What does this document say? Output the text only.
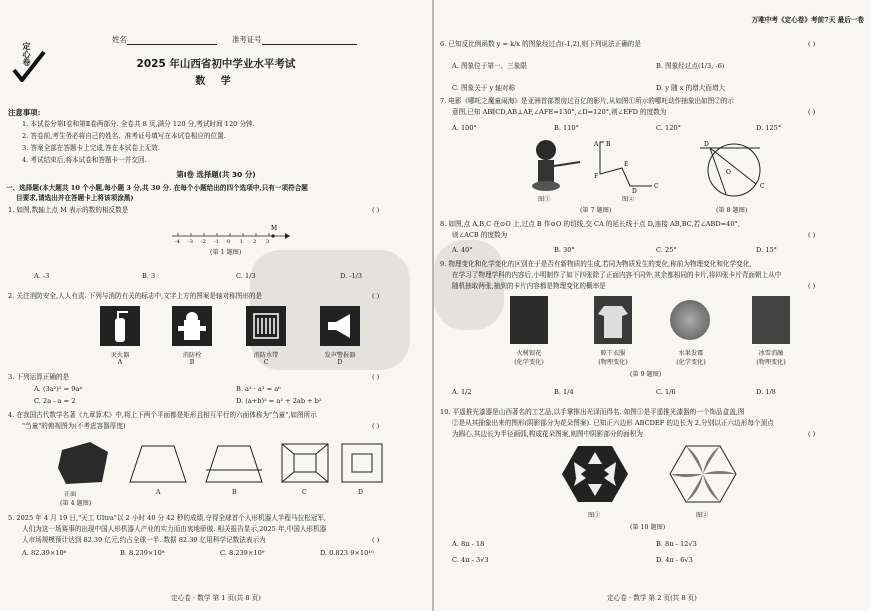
姓名	准考证号
定心卷	2025 年山西省初中学业水平考试
数 学
注意事项:
1. 本试卷分第Ⅰ卷和第Ⅱ卷两部分. 全卷共 8 页,满分 120 分,考试时间 120 分钟.
2. 答卷前,考生务必将自己的姓名、准考证号填写在本试卷相应的位置.
3. 答案全部在答题卡上完成,答在本试卷上无效.
4. 考试结束后,将本试卷和答题卡一并交回.
第Ⅰ卷 选择题(共 30 分)
一、选择题(本大题共 10 个小题,每小题 3 分,共 30 分. 在每个小题给出的四个选项中,只有一项符合题
目要求,请选出并在答题卡上将该项涂黑)
1. 如图,数轴上点 M 表示的数的相反数是	( )
-4 -3 -2 -1 0 1 2 3
M
(第 1 题图)
A. -3	B. 3	C. 1/3	D. -1/3
2. 关注消防安全,人人有责. 下列与消防有关的标志中,文字上方的图案是轴对称图形的是	( )
灭火器
A
消防栓
B
消防水带
C
发声警报器
D
3. 下列运算正确的是	( )
A. (3a²)² = 9a⁴	B. a² · a³ = a⁶
C. 2a - a = 2	D. (a+b)² = a² + 2ab + b²
4. 在我国古代数学名著《九章算术》中,将上下两个平面都是矩形且相互平行的六面体称为"刍童",如图所示
"刍童"的俯视图为(不考虑容器厚度)	( )
正面
(第 4 题图)
A	B	C	D
5. 2025 年 4 月 19 日,"天工 Ultra"以 2 小时 40 分 42 秒的成绩,夺得全球首个人形机器人半程马拉松冠军,
人们为这一场赛事的出现中国人形机器人产业的实力而由衷地骄傲. 相关报告显示,2025 年,中国人形机器
人市场规模预计达到 82.39 亿元,约占全球一半. 数据 82.39 亿用科学记数法表示为	( )
A. 82.39×10⁸	B. 8.239×10⁸	C. 8.239×10⁹	D. 0.823 9×10¹⁰
定心卷 · 数学 第 1 页(共 8 页)
万唯中考《定心卷》考前7天 最后一卷
6. 已知反比例函数 y = k/x 的图象经过点(-1,2),则下列说法正确的是	( )
A. 图象位于第一、三象限	B. 图象经过点(1/3, -6)
C. 图象关于 y 轴对称	D. y 随 x 的增大而增大
7. 电影《哪吒之魔童闹海》是亚洲首部票房过百亿的影片,从如图①所示的哪吒动作抽象出如图②的示
意图,已知 AB∥CD,AB⊥AF,∠AFE=130°,∠D=120°,则∠EFD 的度数为	( )
A. 100°	B. 110°	C. 120°	D. 125°
图①
A B
C
D
E
F
图②
(第 7 题图)
O
D
C
(第 8 题图)
8. 如图,点 A,B,C 在⊙O 上,过点 B 作⊙O 的切线,交 CA 的延长线于点 D,连接 AB,BC,若∠ABD=40°,
则∠ACB 的度数为	( )
A. 40°	B. 30°	C. 25°	D. 15°
9. 物理变化和化学变化的区别在于是否有新物质的生成,若同为物质发生的变化,称前为物理变化和化学变化,
在学习了物理学科的内容后,小明制作了如下四张除了正面内容不同外,其余都相同的卡片,将四张卡片背面朝上从中
随机抽取两张,抽到的卡片内容都是物理变化的概率是	( )
火树银花
(化学变化)
晾干衣服
(物理变化)
水果发霉
(化学变化)
冰雪消融
(物理变化)
(第 9 题图)
A. 1/2	B. 1/4	C. 1/6	D. 1/8
10. 平遥推光漆器是山西著名的工艺品,以手掌推出光泽而得名. 如图①是平遥推光漆器的一个饰品盒盖,图
②是从其抽象出来的图形(阴影部分为花朵图案). 已知正六边形 ABCDEF 的边长为 2,分别以正六边形每个顶点
为圆心,其边长为半径画弧,构成花朵图案,则图中阴影部分的面积为	( )
图①	图②
(第 10 题图)
A. 8π - 18	B. 8π - 12√3
C. 4π - 3√3	D. 4π - 6√3
定心卷 · 数学 第 2 页(共 8 页)
